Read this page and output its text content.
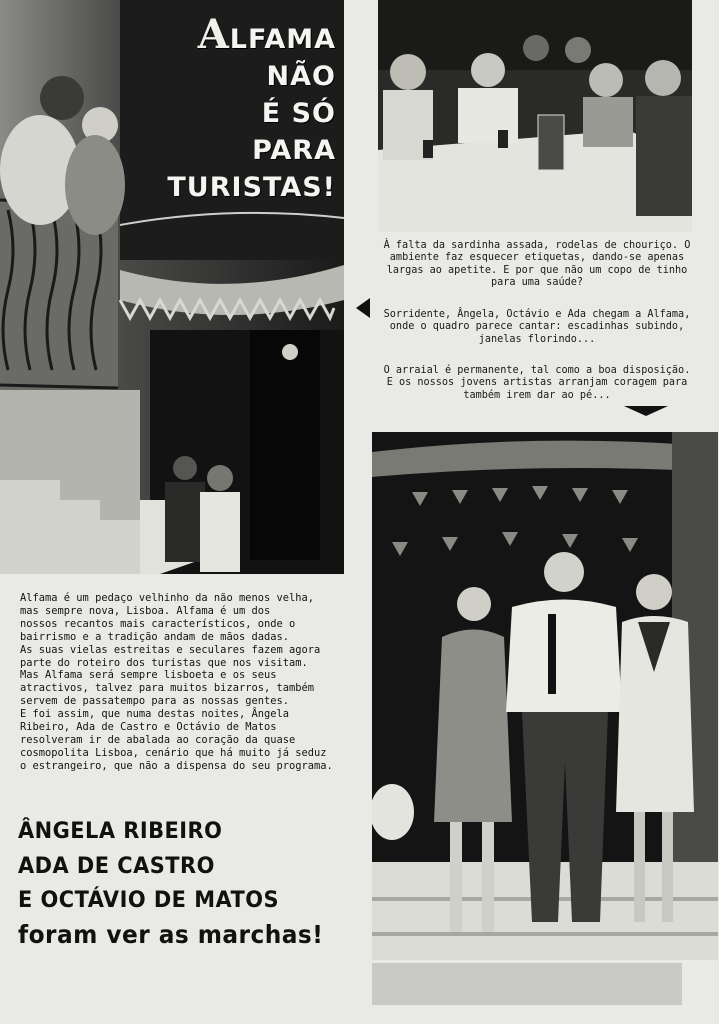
ALFAMA
NÃO
É SÓ
PARA
TURISTAS!

À falta da sardinha assada, rodelas de chouriço. O ambiente faz esquecer etiquetas, dando-se apenas largas ao apetite. E por que não um copo de tinho para uma saúde?

Sorridente, Ângela, Octávio e Ada chegam a Alfama, onde o quadro parece cantar: escadinhas subindo, janelas florindo...

O arraial é permanente, tal como a boa disposição. E os nossos jovens artistas arranjam coragem para também irem dar ao pé...

Alfama é um pedaço velhinho da não menos velha,
mas sempre nova, Lisboa. Alfama é um dos
nossos recantos mais característicos, onde o
bairrismo e a tradição andam de mãos dadas.
As suas vielas estreitas e seculares fazem agora
parte do roteiro dos turistas que nos visitam.
Mas Alfama será sempre lisboeta e os seus
atractivos, talvez para muitos bizarros, também
servem de passatempo para as nossas gentes.
E foi assim, que numa destas noites, Ângela
Ribeiro, Ada de Castro e Octávio de Matos
resolveram ir de abalada ao coração da quase
cosmopolita Lisboa, cenário que há muito já seduz
o estrangeiro, que não a dispensa do seu programa.
ÂNGELA RIBEIRO
ADA DE CASTRO
E OCTÁVIO DE MATOS
foram ver as marchas!
